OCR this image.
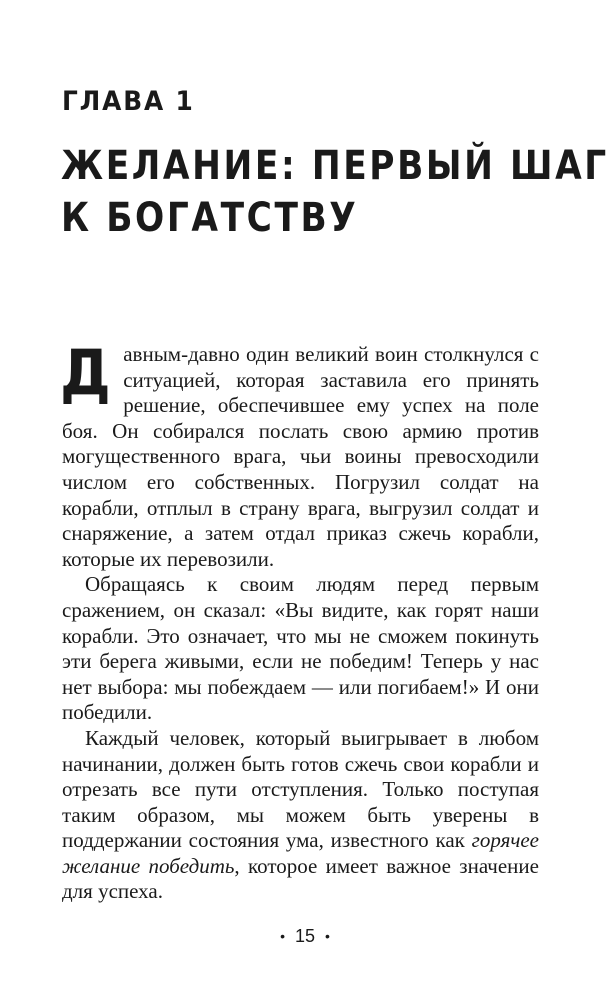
ГЛАВА 1
ЖЕЛАНИЕ: ПЕРВЫЙ ШАГ
К БОГАТСТВУ

Давным-давно один великий воин столкнулся с ситуацией, которая заставила его принять решение, обеспечившее ему успех на поле боя. Он собирался послать свою армию против могущественного врага, чьи воины превосходили числом его собственных. Погрузил солдат на корабли, отплыл в страну врага, выгрузил солдат и снаряжение, а затем отдал приказ сжечь корабли, которые их перевозили.

Обращаясь к своим людям перед первым сражением, он сказал: «Вы видите, как горят наши корабли. Это означает, что мы не сможем покинуть эти берега живыми, если не победим! Теперь у нас нет выбора: мы побеждаем — или погибаем!» И они победили.

Каждый человек, который выигрывает в любом начинании, должен быть готов сжечь свои корабли и отрезать все пути отступления. Только поступая таким образом, мы можем быть уверены в поддержании состояния ума, известного как горячее желание победить, которое имеет важное значение для успеха.

• 15 •
